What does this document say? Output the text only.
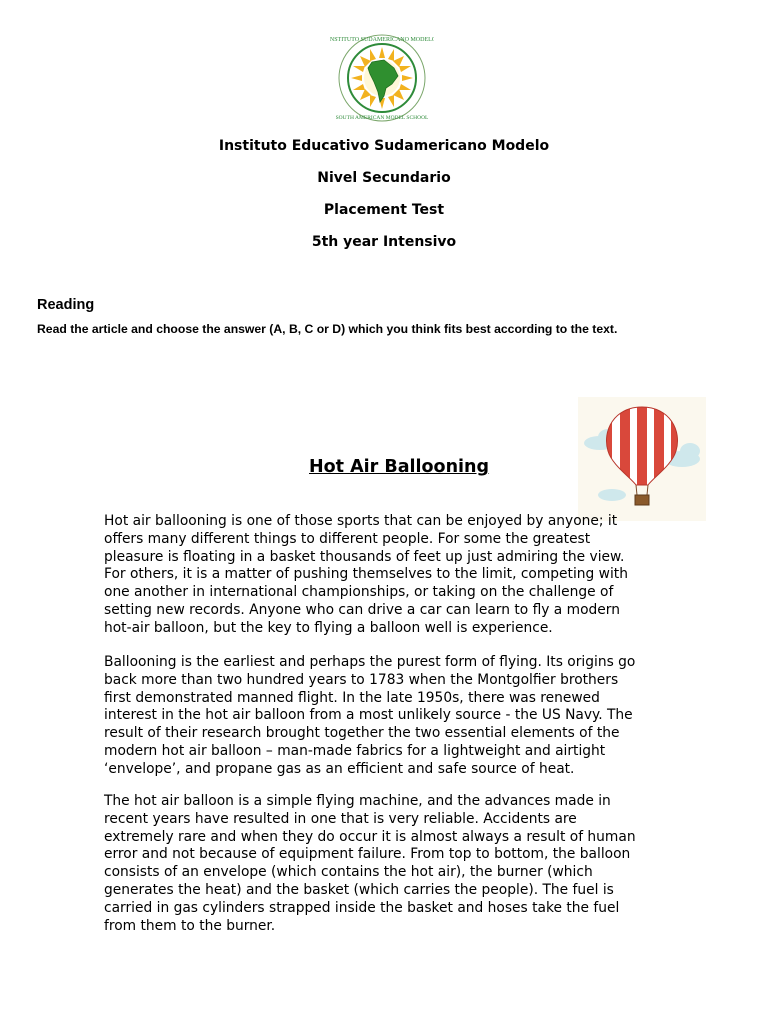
INSTITUTO SUDAMERICANO MODELO
SOUTH AMERICAN MODEL SCHOOL
Instituto Educativo Sudamericano Modelo
Nivel Secundario
Placement Test
5th year Intensivo
Reading
Read the article and choose the answer (A, B, C or D) which you think fits best according to the text.
Hot Air Ballooning
Hot air ballooning is one of those sports that can be enjoyed by anyone; it
offers many different things to different people. For some the greatest
pleasure is floating in a basket thousands of feet up just admiring the view.
For others, it is a matter of pushing themselves to the limit, competing with
one another in international championships, or taking on the challenge of
setting new records. Anyone who can drive a car can learn to fly a modern
hot-air balloon, but the key to flying a balloon well is experience.
Ballooning is the earliest and perhaps the purest form of flying. Its origins go
back more than two hundred years to 1783 when the Montgolfier brothers
first demonstrated manned flight. In the late 1950s, there was renewed
interest in the hot air balloon from a most unlikely source - the US Navy. The
result of their research brought together the two essential elements of the
modern hot air balloon – man-made fabrics for a lightweight and airtight
‘envelope’, and propane gas as an efficient and safe source of heat.
The hot air balloon is a simple flying machine, and the advances made in
recent years have resulted in one that is very reliable. Accidents are
extremely rare and when they do occur it is almost always a result of human
error and not because of equipment failure. From top to bottom, the balloon
consists of an envelope (which contains the hot air), the burner (which
generates the heat) and the basket (which carries the people). The fuel is
carried in gas cylinders strapped inside the basket and hoses take the fuel
from them to the burner.
